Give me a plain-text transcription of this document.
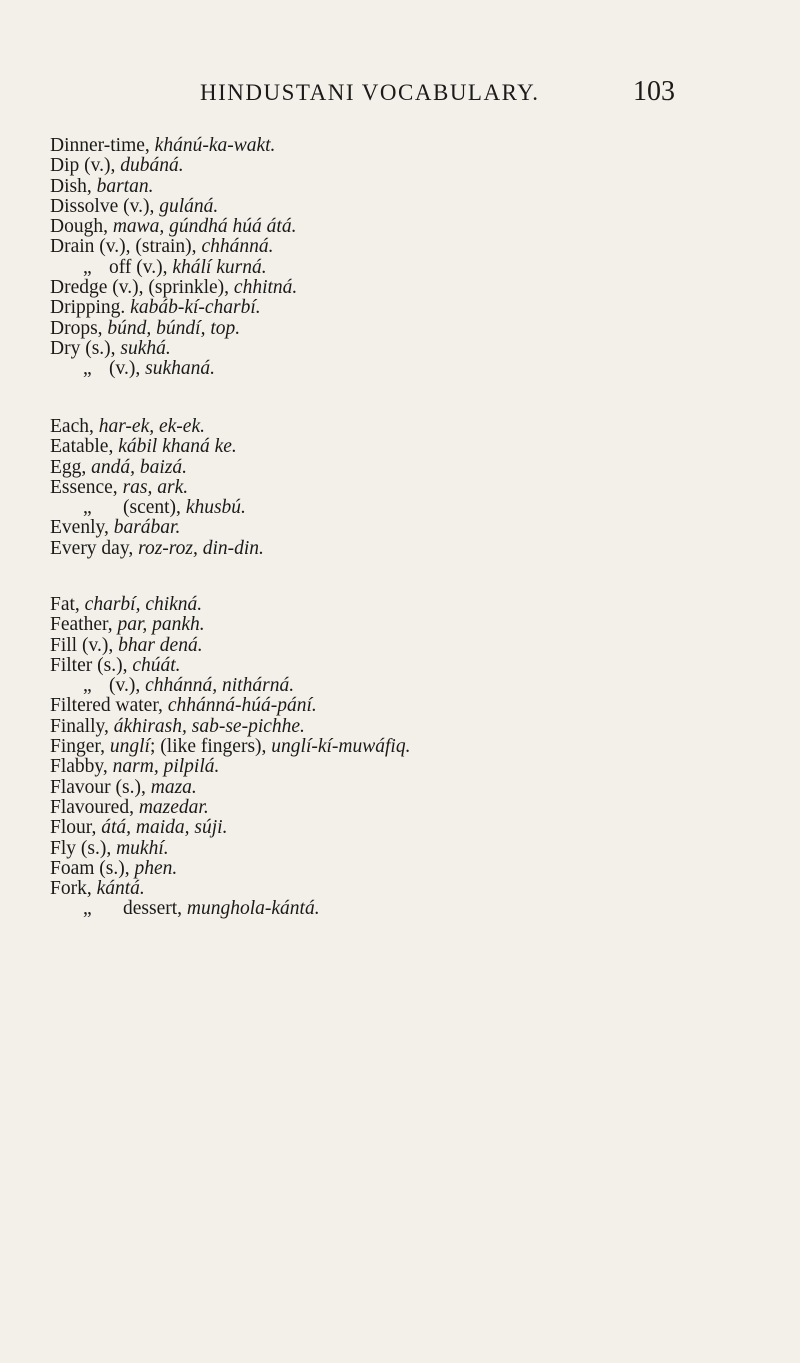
HINDUSTANI VOCABULARY.	103
Dinner-time, khánú-ka-wakt.
Dip (v.), dubáná.
Dish, bartan.
Dissolve (v.), guláná.
Dough, mawa, gúndhá húá átá.
Drain (v.), (strain), chhánná.
„ off (v.), khálí kurná.
Dredge (v.), (sprinkle), chhitná.
Dripping. kabáb-kí-charbí.
Drops, búnd, búndí, top.
Dry (s.), sukhá.
„ (v.), sukhaná.
Each, har-ek, ek-ek.
Eatable, kábil khaná ke.
Egg, andá, baizá.
Essence, ras, ark.
„ (scent), khusbú.
Evenly, barábar.
Every day, roz-roz, din-din.
Fat, charbí, chikná.
Feather, par, pankh.
Fill (v.), bhar dená.
Filter (s.), chúát.
„ (v.), chhánná, nithárná.
Filtered water, chhánná-húá-pání.
Finally, ákhirash, sab-se-pichhe.
Finger, unglí; (like fingers), unglí-kí-muwáfiq.
Flabby, narm, pilpilá.
Flavour (s.), maza.
Flavoured, mazedar.
Flour, átá, maida, súji.
Fly (s.), mukhí.
Foam (s.), phen.
Fork, kántá.
„ dessert, munghola-kántá.
